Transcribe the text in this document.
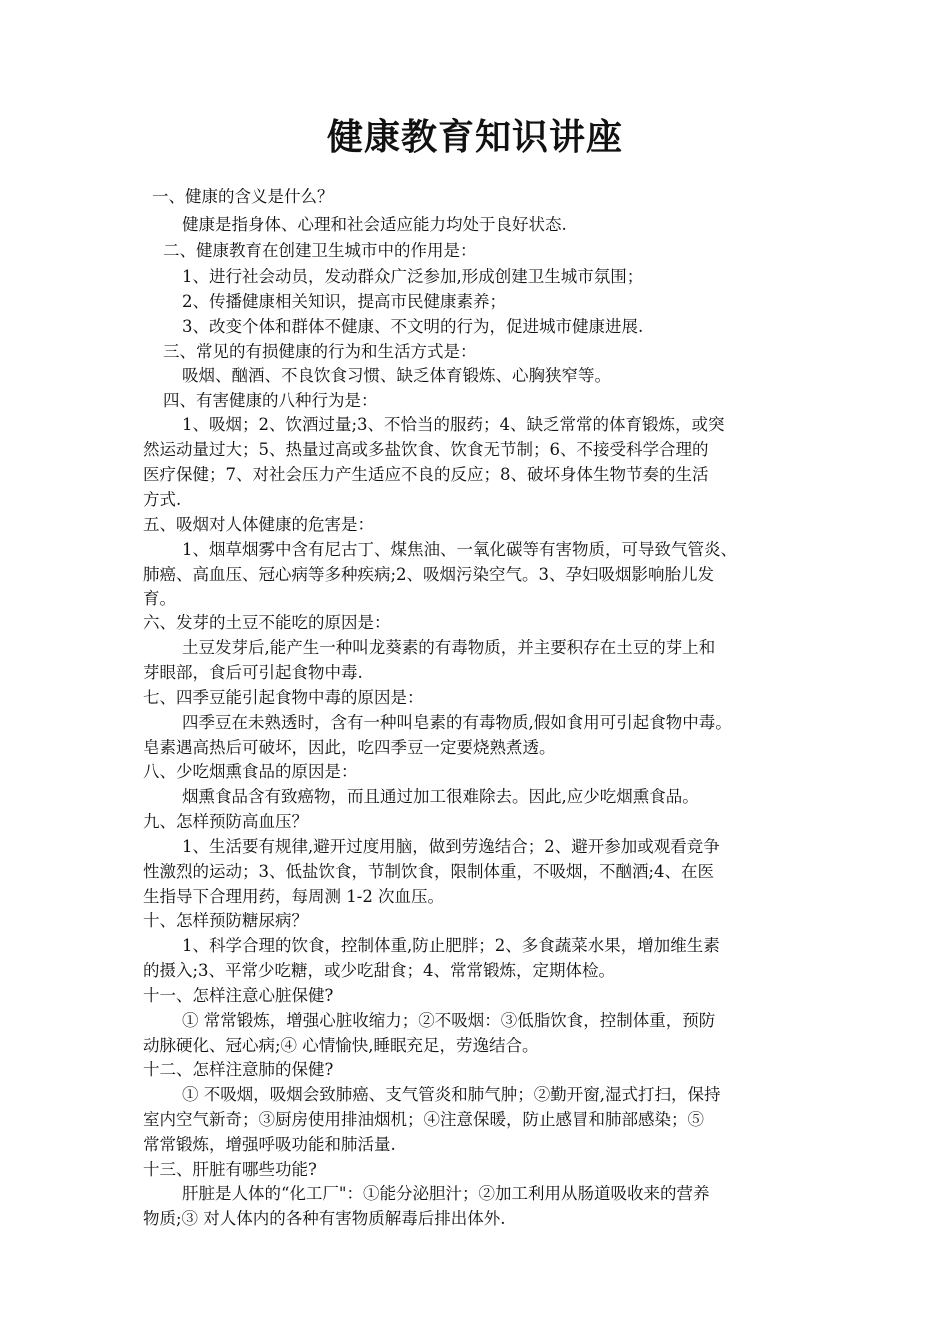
健康教育知识讲座

一、健康的含义是什么？

健康是指身体、心理和社会适应能力均处于良好状态.

二、健康教育在创建卫生城市中的作用是：

1、进行社会动员，发动群众广泛参加,形成创建卫生城市氛围；

2、传播健康相关知识，提高市民健康素养；

3、改变个体和群体不健康、不文明的行为，促进城市健康进展.

三、常见的有损健康的行为和生活方式是：

吸烟、酗酒、不良饮食习惯、缺乏体育锻炼、心胸狭窄等。

四、有害健康的八种行为是：

1、吸烟；2、饮酒过量;3、不恰当的服药；4、缺乏常常的体育锻炼，或突

然运动量过大；5、热量过高或多盐饮食、饮食无节制；6、不接受科学合理的

医疗保健；7、对社会压力产生适应不良的反应；8、破坏身体生物节奏的生活

方式.

五、吸烟对人体健康的危害是：

1、烟草烟雾中含有尼古丁、煤焦油、一氧化碳等有害物质，可导致气管炎、

肺癌、高血压、冠心病等多种疾病;2、吸烟污染空气。3、孕妇吸烟影响胎儿发

育。

六、发芽的土豆不能吃的原因是：

土豆发芽后,能产生一种叫龙葵素的有毒物质，并主要积存在土豆的芽上和

芽眼部，食后可引起食物中毒.

七、四季豆能引起食物中毒的原因是：

四季豆在未熟透时，含有一种叫皂素的有毒物质,假如食用可引起食物中毒。

皂素遇高热后可破坏，因此，吃四季豆一定要烧熟煮透。

八、少吃烟熏食品的原因是：

烟熏食品含有致癌物，而且通过加工很难除去。因此,应少吃烟熏食品。

九、怎样预防高血压？

1、生活要有规律,避开过度用脑，做到劳逸结合；2、避开参加或观看竞争

性激烈的运动；3、低盐饮食，节制饮食，限制体重，不吸烟，不酗酒;4、在医

生指导下合理用药，每周测 1-2 次血压。

十、怎样预防糖尿病？

1、科学合理的饮食，控制体重,防止肥胖；2、多食蔬菜水果，增加维生素

的摄入;3、平常少吃糖，或少吃甜食；4、常常锻炼，定期体检。

十一、怎样注意心脏保健?

① 常常锻炼，增强心脏收缩力；②不吸烟：③低脂饮食，控制体重，预防

动脉硬化、冠心病;④ 心情愉快,睡眠充足，劳逸结合。

十二、怎样注意肺的保健?

① 不吸烟，吸烟会致肺癌、支气管炎和肺气肿；②勤开窗,湿式打扫，保持

室内空气新奇；③厨房使用排油烟机；④注意保暖，防止感冒和肺部感染；⑤

常常锻炼，增强呼吸功能和肺活量.

十三、肝脏有哪些功能?

肝脏是人体的“化工厂"：①能分泌胆汁；②加工利用从肠道吸收来的营养

物质;③ 对人体内的各种有害物质解毒后排出体外.
